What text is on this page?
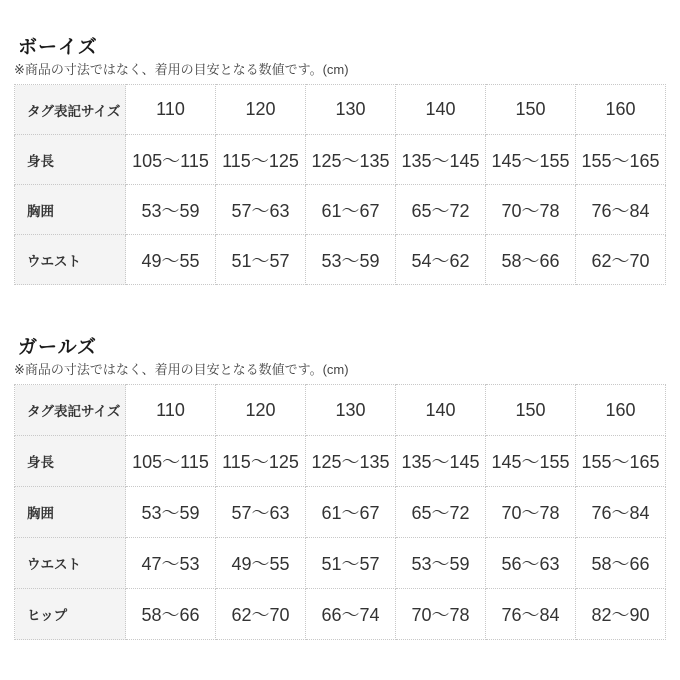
ボーイズ

※商品の寸法ではなく、着用の目安となる数値です。(cm)

タグ表記サイズ	110	120	130	140	150	160
身長	105〜115	115〜125	125〜135	135〜145	145〜155	155〜165
胸囲	53〜59	57〜63	61〜67	65〜72	70〜78	76〜84
ウエスト	49〜55	51〜57	53〜59	54〜62	58〜66	62〜70
ガールズ

※商品の寸法ではなく、着用の目安となる数値です。(cm)

タグ表記サイズ	110	120	130	140	150	160
身長	105〜115	115〜125	125〜135	135〜145	145〜155	155〜165
胸囲	53〜59	57〜63	61〜67	65〜72	70〜78	76〜84
ウエスト	47〜53	49〜55	51〜57	53〜59	56〜63	58〜66
ヒップ	58〜66	62〜70	66〜74	70〜78	76〜84	82〜90
